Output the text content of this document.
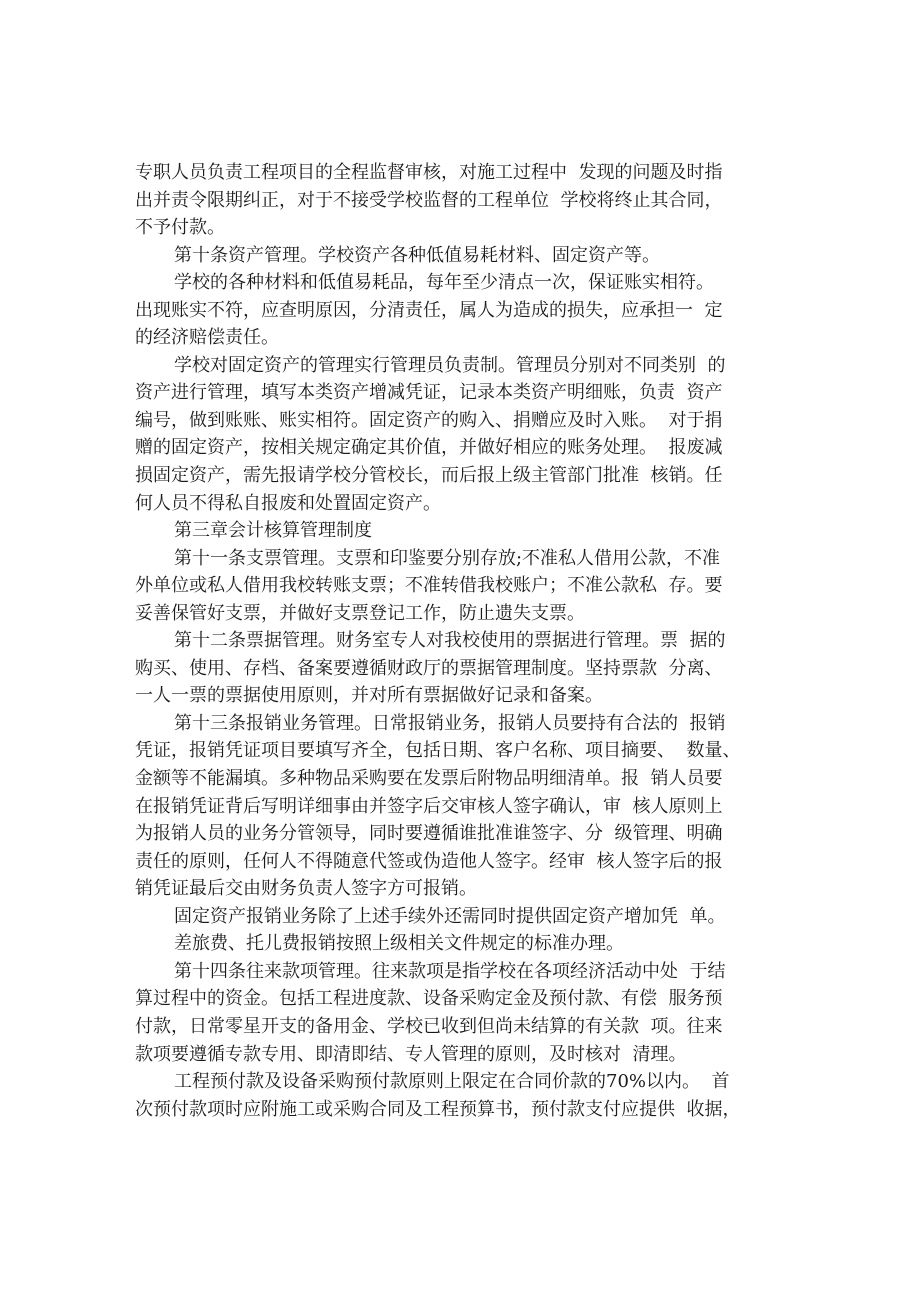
专职人员负责工程项目的全程监督审核，对施工过程中  发现的问题及时指
出并责令限期纠正，对于不接受学校监督的工程单位  学校将终止其合同，
不予付款。
第十条资产管理。学校资产各种低值易耗材料、固定资产等。
学校的各种材料和低值易耗品，每年至少清点一次，保证账实相符。
出现账实不符，应查明原因，分清责任，属人为造成的损失，应承担一  定
的经济赔偿责任。
学校对固定资产的管理实行管理员负责制。管理员分别对不同类别  的
资产进行管理，填写本类资产增减凭证，记录本类资产明细账，负责  资产
编号，做到账账、账实相符。固定资产的购入、捐赠应及时入账。  对于捐
赠的固定资产，按相关规定确定其价值，并做好相应的账务处理。  报废减
损固定资产，需先报请学校分管校长，而后报上级主管部门批准  核销。任
何人员不得私自报废和处置固定资产。
第三章会计核算管理制度
第十一条支票管理。支票和印鉴要分别存放;不准私人借用公款，不准
外单位或私人借用我校转账支票；不准转借我校账户；不准公款私  存。要
妥善保管好支票，并做好支票登记工作，防止遗失支票。
第十二条票据管理。财务室专人对我校使用的票据进行管理。票  据的
购买、使用、存档、备案要遵循财政厅的票据管理制度。坚持票款  分离、
一人一票的票据使用原则，并对所有票据做好记录和备案。
第十三条报销业务管理。日常报销业务，报销人员要持有合法的  报销
凭证，报销凭证项目要填写齐全，包括日期、客户名称、项目摘要、  数量、
金额等不能漏填。多种物品采购要在发票后附物品明细清单。报  销人员要
在报销凭证背后写明详细事由并签字后交审核人签字确认，审  核人原则上
为报销人员的业务分管领导，同时要遵循谁批准谁签字、分  级管理、明确
责任的原则，任何人不得随意代签或伪造他人签字。经审  核人签字后的报
销凭证最后交由财务负责人签字方可报销。
固定资产报销业务除了上述手续外还需同时提供固定资产增加凭  单。
差旅费、托儿费报销按照上级相关文件规定的标准办理。
第十四条往来款项管理。往来款项是指学校在各项经济活动中处  于结
算过程中的资金。包括工程进度款、设备采购定金及预付款、有偿  服务预
付款，日常零星开支的备用金、学校已收到但尚未结算的有关款  项。往来
款项要遵循专款专用、即清即结、专人管理的原则，及时核对  清理。
工程预付款及设备采购预付款原则上限定在合同价款的70%以内。  首
次预付款项时应附施工或采购合同及工程预算书，预付款支付应提供  收据，
